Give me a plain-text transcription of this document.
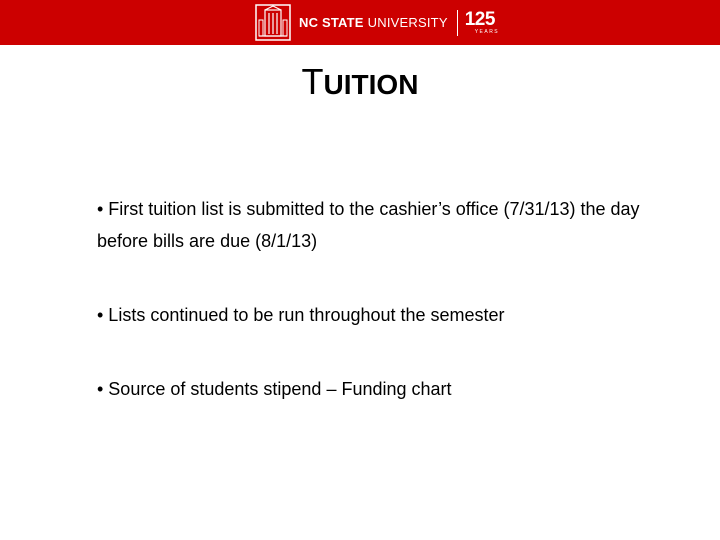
NC STATE UNIVERSITY 125
YEARS
TUITION
• First tuition list is submitted to the cashier’s office (7/31/13) the day before bills are due (8/1/13)
• Lists continued to be run throughout the semester
• Source of students stipend – Funding chart
